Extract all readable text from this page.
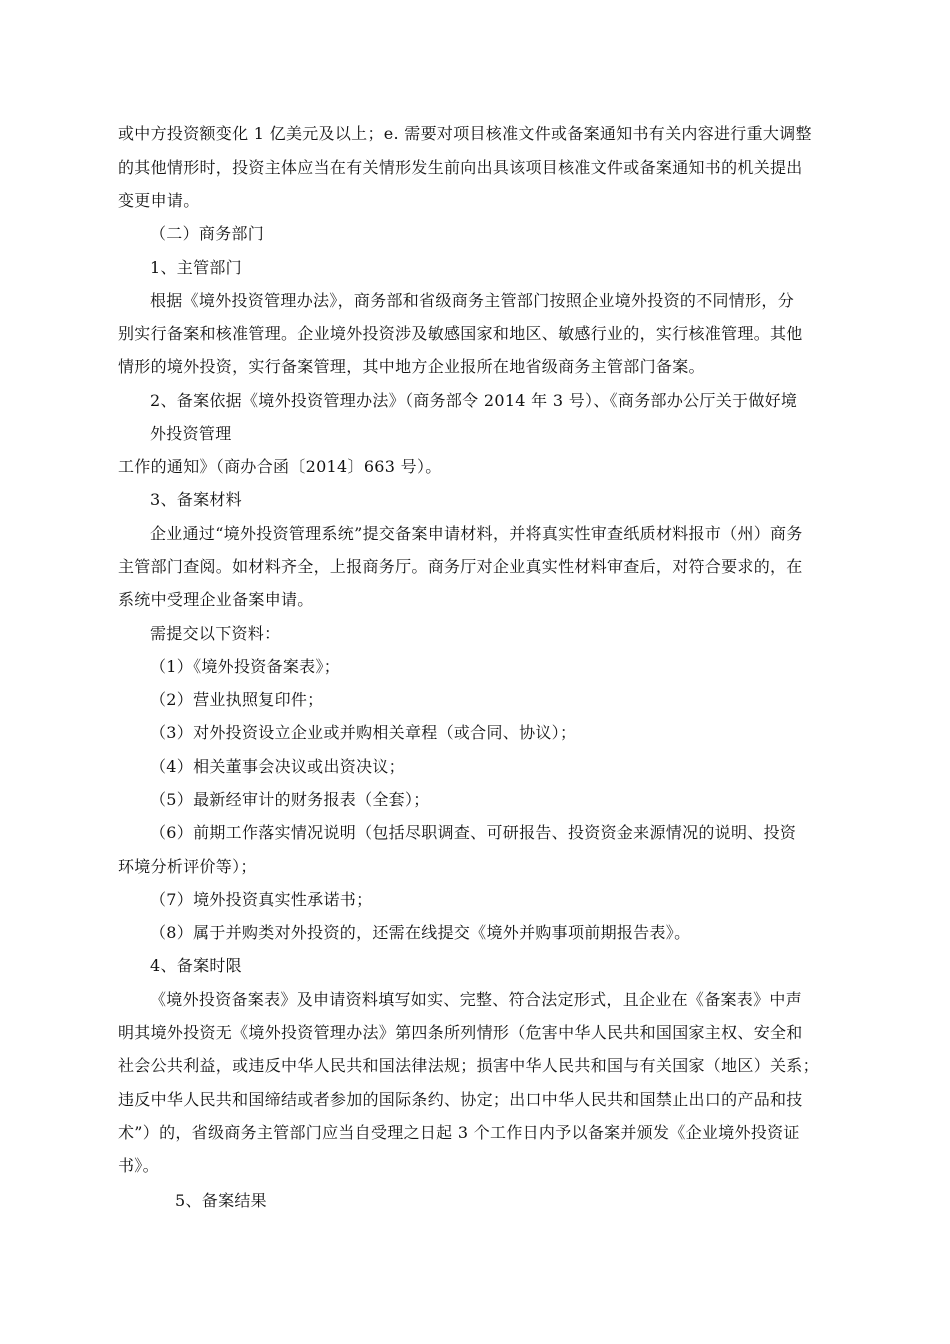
或中方投资额变化 1 亿美元及以上；e. 需要对项目核准文件或备案通知书有关内容进行重大调整
的其他情形时，投资主体应当在有关情形发生前向出具该项目核准文件或备案通知书的机关提出
变更申请。
（二）商务部门
1、主管部门
根据《境外投资管理办法》，商务部和省级商务主管部门按照企业境外投资的不同情形，分
别实行备案和核准管理。企业境外投资涉及敏感国家和地区、敏感行业的，实行核准管理。其他
情形的境外投资，实行备案管理，其中地方企业报所在地省级商务主管部门备案。
2、备案依据《境外投资管理办法》（商务部令 2014 年 3 号）、《商务部办公厅关于做好境
外投资管理
工作的通知》（商办合函〔2014〕663 号）。
3、备案材料
企业通过“境外投资管理系统”提交备案申请材料，并将真实性审查纸质材料报市（州）商务
主管部门查阅。如材料齐全，上报商务厅。商务厅对企业真实性材料审查后，对符合要求的，在
系统中受理企业备案申请。
需提交以下资料：
（1）《境外投资备案表》；
（2）营业执照复印件；
（3）对外投资设立企业或并购相关章程（或合同、协议）；
（4）相关董事会决议或出资决议；
（5）最新经审计的财务报表（全套）；
（6）前期工作落实情况说明（包括尽职调查、可研报告、投资资金来源情况的说明、投资
环境分析评价等）；
（7）境外投资真实性承诺书；
（8）属于并购类对外投资的，还需在线提交《境外并购事项前期报告表》。
4、备案时限
《境外投资备案表》及申请资料填写如实、完整、符合法定形式，且企业在《备案表》中声
明其境外投资无《境外投资管理办法》第四条所列情形（危害中华人民共和国国家主权、安全和
社会公共利益，或违反中华人民共和国法律法规；损害中华人民共和国与有关国家（地区）关系；
违反中华人民共和国缔结或者参加的国际条约、协定；出口中华人民共和国禁止出口的产品和技
术”）的，省级商务主管部门应当自受理之日起 3 个工作日内予以备案并颁发《企业境外投资证
书》。
5、备案结果
